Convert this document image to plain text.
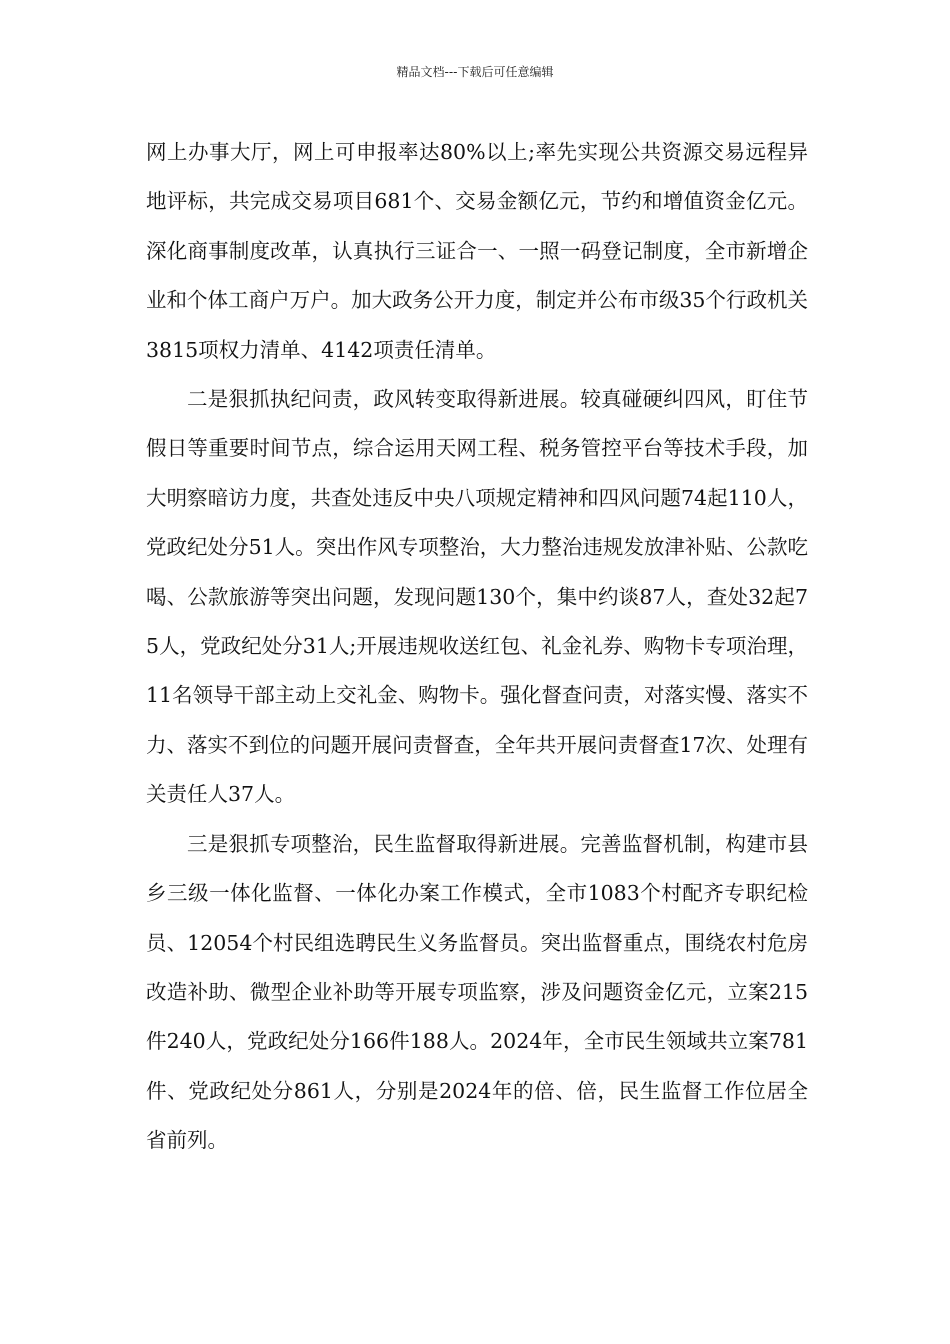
精品文档---下载后可任意编辑

网上办事大厅，网上可申报率达80%以上;率先实现公共资源交易远程异地评标，共完成交易项目681个、交易金额亿元，节约和增值资金亿元。深化商事制度改革，认真执行三证合一、一照一码登记制度，全市新增企业和个体工商户万户。加大政务公开力度，制定并公布市级35个行政机关3815项权力清单、4142项责任清单。

二是狠抓执纪问责，政风转变取得新进展。较真碰硬纠四风，盯住节假日等重要时间节点，综合运用天网工程、税务管控平台等技术手段，加大明察暗访力度，共查处违反中央八项规定精神和四风问题74起110人，党政纪处分51人。突出作风专项整治，大力整治违规发放津补贴、公款吃喝、公款旅游等突出问题，发现问题130个，集中约谈87人，查处32起75人，党政纪处分31人;开展违规收送红包、礼金礼券、购物卡专项治理，11名领导干部主动上交礼金、购物卡。强化督查问责，对落实慢、落实不力、落实不到位的问题开展问责督查，全年共开展问责督查17次、处理有关责任人37人。

三是狠抓专项整治，民生监督取得新进展。完善监督机制，构建市县乡三级一体化监督、一体化办案工作模式，全市1083个村配齐专职纪检员、12054个村民组选聘民生义务监督员。突出监督重点，围绕农村危房改造补助、微型企业补助等开展专项监察，涉及问题资金亿元，立案215件240人，党政纪处分166件188人。2024年，全市民生领域共立案781件、党政纪处分861人，分别是2024年的倍、倍，民生监督工作位居全省前列。
